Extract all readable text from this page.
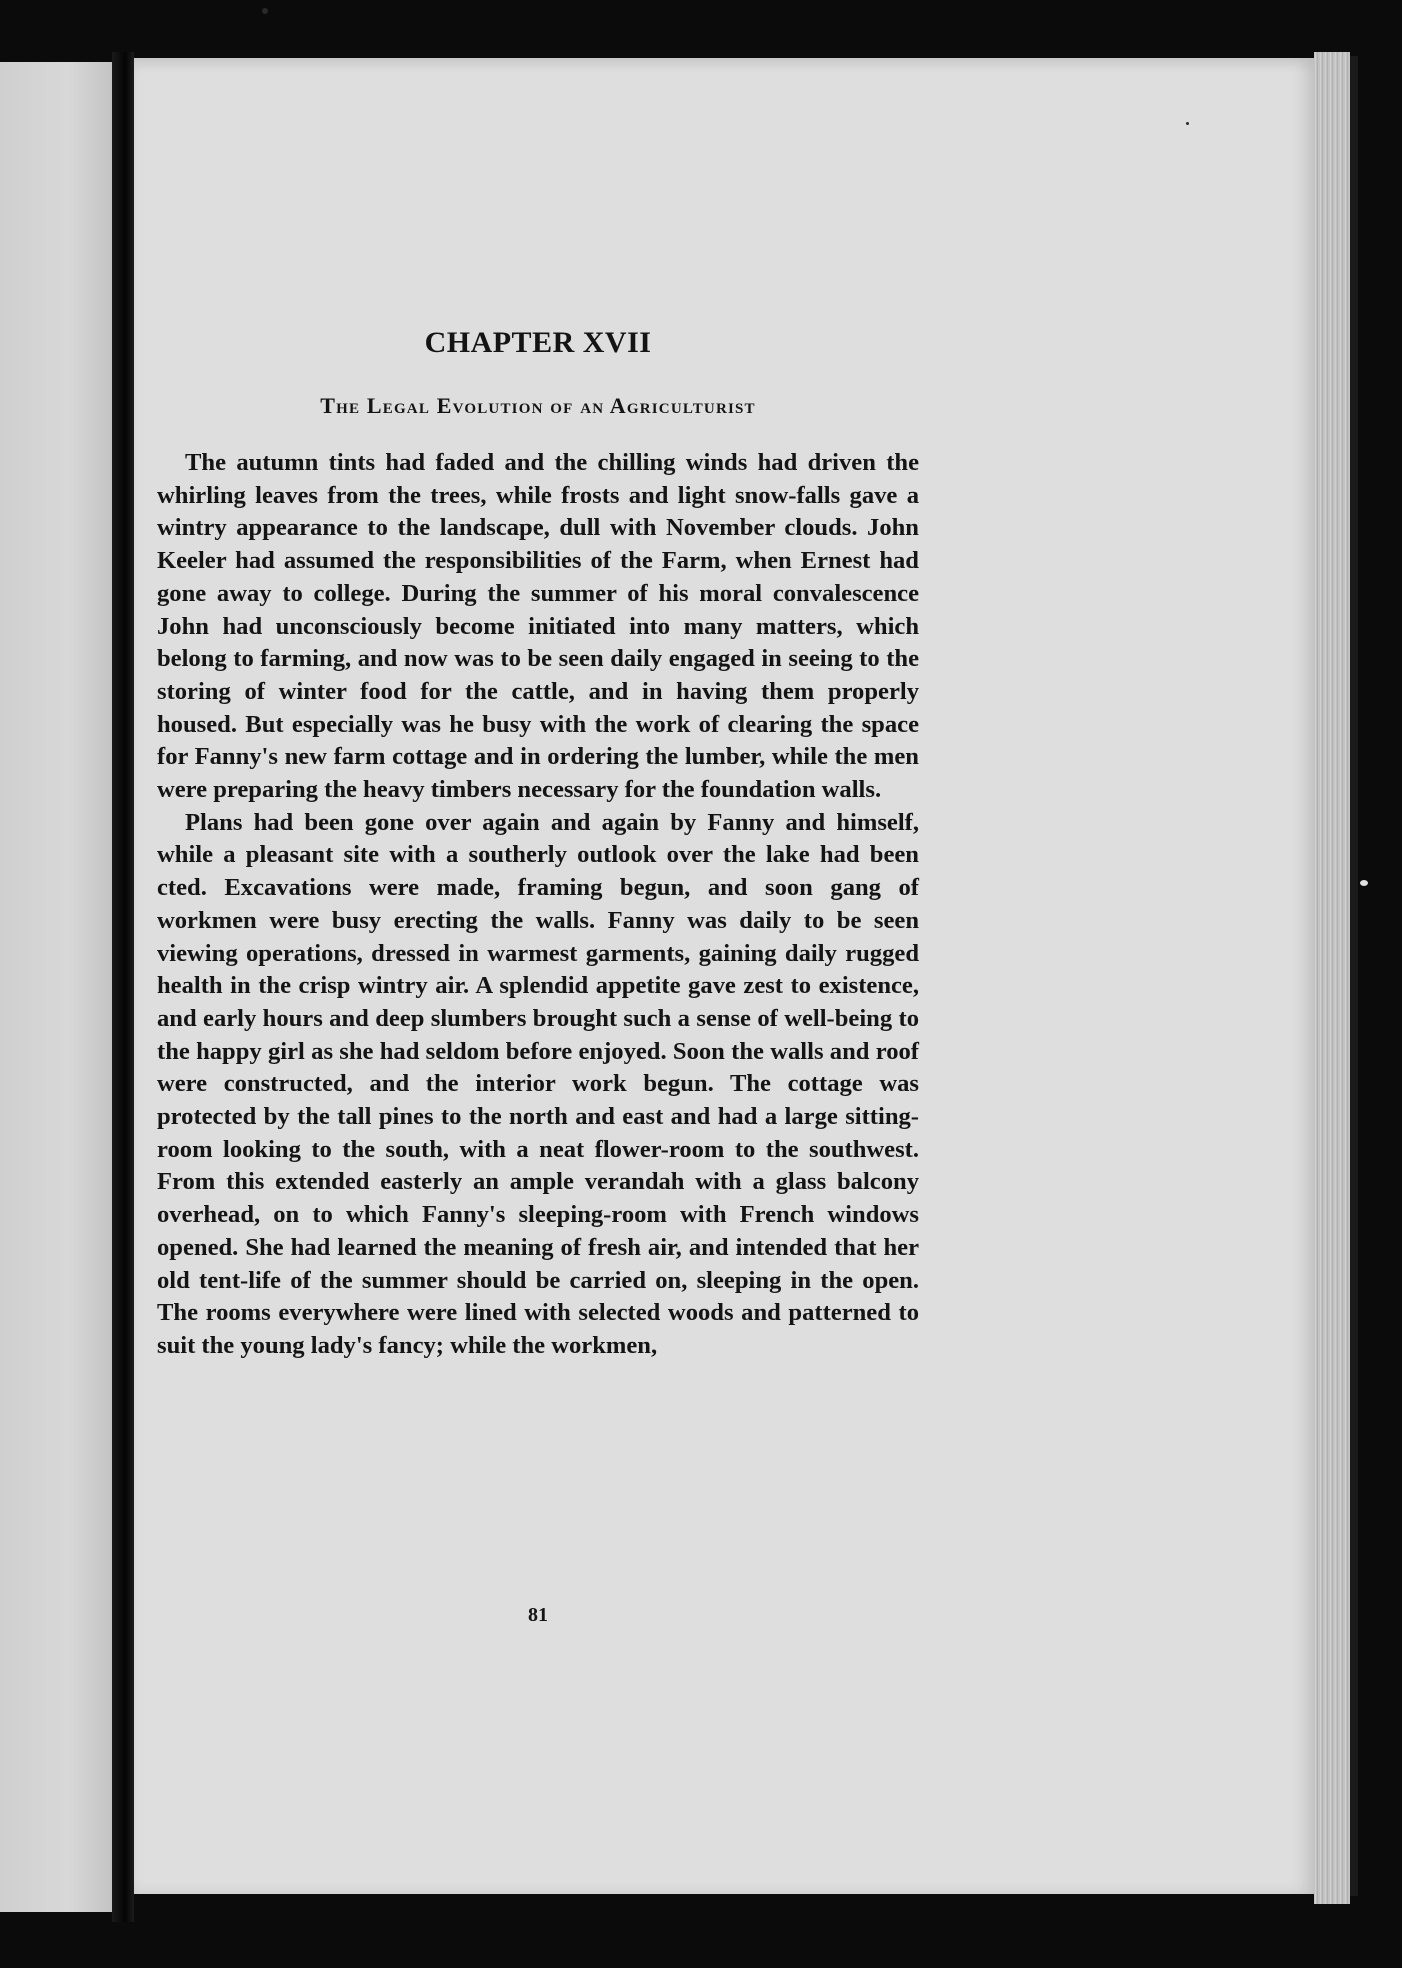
CHAPTER XVII
The Legal Evolution of an Agriculturist

The autumn tints had faded and the chilling winds had driven the whirling leaves from the trees, while frosts and light snow-falls gave a wintry appearance to the landscape, dull with November clouds. John Keeler had assumed the responsibilities of the Farm, when Ernest had gone away to college. During the summer of his moral convalescence John had unconsciously become initiated into many matters, which belong to farming, and now was to be seen daily engaged in seeing to the storing of winter food for the cattle, and in having them properly housed. But especially was he busy with the work of clearing the space for Fanny's new farm cottage and in ordering the lumber, while the men were preparing the heavy timbers necessary for the foundation walls.

Plans had been gone over again and again by Fanny and himself, while a pleasant site with a southerly outlook over the lake had been cted. Excavations were made, framing begun, and soon gang of workmen were busy erecting the walls. Fanny was daily to be seen viewing operations, dressed in warmest garments, gaining daily rugged health in the crisp wintry air. A splendid appetite gave zest to existence, and early hours and deep slumbers brought such a sense of well-being to the happy girl as she had seldom before enjoyed. Soon the walls and roof were constructed, and the interior work begun. The cottage was protected by the tall pines to the north and east and had a large sitting-room looking to the south, with a neat flower-room to the southwest. From this extended easterly an ample verandah with a glass balcony overhead, on to which Fanny's sleeping-room with French windows opened. She had learned the meaning of fresh air, and intended that her old tent-life of the summer should be carried on, sleeping in the open. The rooms everywhere were lined with selected woods and patterned to suit the young lady's fancy; while the workmen,

81
